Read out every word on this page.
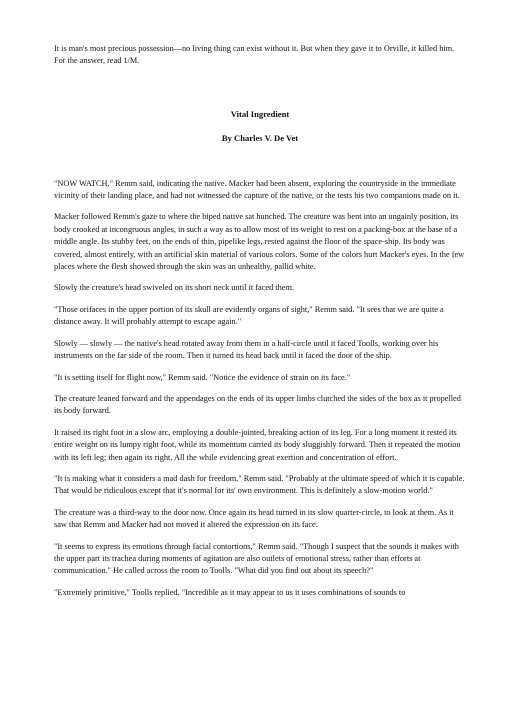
It is man's most precious possession—no living thing can exist without it. But when they gave it to Orville, it killed him. For the answer, read 1/M.

Vital Ingredient
By Charles V. De Vet

"NOW WATCH," Remm said, indicating the native. Macker had been absent, exploring the countryside in the immediate vicinity of their landing place, and had not witnessed the capture of the native, or the tests his two companions made on it.

Macker followed Remm's gaze to where the biped native sat hunched. The creature was bent into an ungainly position, its body crooked at incongruous angles, in such a way as to allow most of its weight to rest on a packing-box at the base of a middle angle. Its stubby feet, on the ends of thin, pipelike legs, rested against the floor of the space-ship. Its body was covered, almost entirely, with an artificial skin material of various colors. Some of the colors hurt Macker's eyes. In the few places where the flesh showed through the skin was an unhealthy, pallid white.

Slowly the creature's head swiveled on its short neck until it faced them.

"Those orifaces in the upper portion of its skull are evidently organs of sight," Remm said. "It sees that we are quite a distance away. It will probably attempt to escape again."

Slowly — slowly — the native's head rotated away from them in a half-circle until it faced Toolls, working over his instruments on the far side of the room. Then it turned its head back until it faced the door of the ship.

"It is setting itself for flight now," Remm said. "Notice the evidence of strain on its face."

The creature leaned forward and the appendages on the ends of its upper limbs clutched the sides of the box as it propelled its body forward.

It raised its right foot in a slow arc, employing a double-jointed, breaking action of its leg. For a long moment it rested its entire weight on its lumpy right foot, while its momentum carried its body sluggishly forward. Then it repeated the motion with its left leg; then again its right. All the while evidencing great exertion and concentration of effort.

"It is making what it considers a mad dash for freedom," Remm said. "Probably at the ultimate speed of which it is capable. That would be ridiculous except that it's normal for its' own environment. This is definitely a slow-motion world."

The creature was a third-way to the door now. Once again its head turned in its slow quarter-circle, to look at them. As it saw that Remm and Macker had not moved it altered the expression on its face.

"It seems to express its emotions through facial contortions," Remm said. "Though I suspect that the sounds it makes with the upper part its trachea during moments of agitation are also outlets of emotional stress, rather than efforts at communication." He called across the room to Toolls. "What did you find out about its speech?"

"Extremely primitive," Toolls replied. "Incredible as it may appear to us it uses combinations of sounds to
